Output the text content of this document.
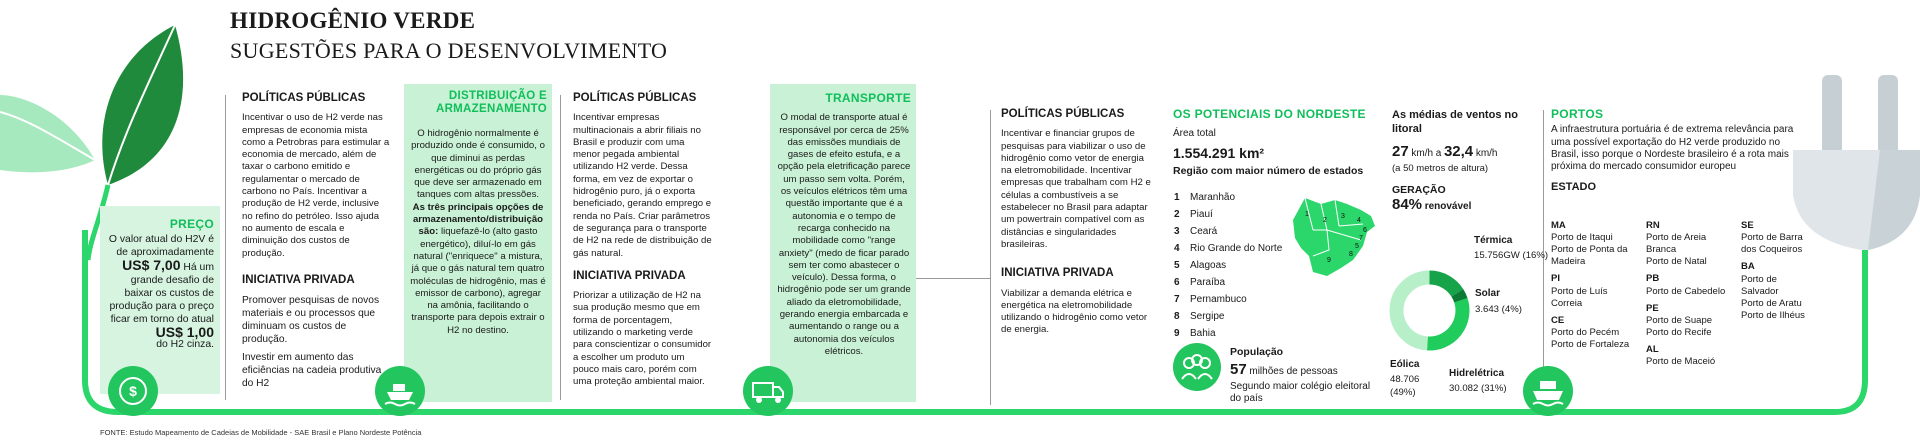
HIDROGÊNIO VERDE
SUGESTÕES PARA O DESENVOLVIMENTO
PREÇO
O valor atual do H2V é de aproximadamente
US$ 7,00 Há um grande desafio de baixar os custos de produção para o preço ficar em torno do atual
US$ 1,00
do H2 cinza.
$
POLÍTICAS PÚBLICAS
Incentivar o uso de H2 verde nas empresas de economia mista como a Petrobras para estimular a economia de mercado, além de taxar o carbono emitido e regulamentar o mercado de carbono no País. Incentivar a produção de H2 verde, inclusive no refino do petróleo. Isso ajuda no aumento de escala e diminuição dos custos de produção.
INICIATIVA PRIVADA
Promover pesquisas de novos materiais e ou processos que diminuam os custos de produção.
Investir em aumento das eficiências na cadeia produtiva do H2
DISTRIBUIÇÃO E ARMAZENAMENTO
O hidrogênio normalmente é produzido onde é consumido, o que diminui as perdas energéticas ou do próprio gás que deve ser armazenado em tanques com altas pressões.
As três principais opções de armazenamento/distribuição são: liquefazê-lo (alto gasto energético), diluí-lo em gás natural ("enriquece" a mistura, já que o gás natural tem quatro moléculas de hidrogênio, mas é emissor de carbono), agregar na amônia, facilitando o transporte para depois extrair o H2 no destino.
POLÍTICAS PÚBLICAS
Incentivar empresas multinacionais a abrir filiais no Brasil e produzir com uma menor pegada ambiental utilizando H2 verde. Dessa forma, em vez de exportar o hidrogênio puro, já o exporta beneficiado, gerando emprego e renda no País. Criar parâmetros de segurança para o transporte de H2 na rede de distribuição de gás natural.
INICIATIVA PRIVADA
Priorizar a utilização de H2 na sua produção mesmo que em forma de porcentagem, utilizando o marketing verde para conscientizar o consumidor a escolher um produto um pouco mais caro, porém com uma proteção ambiental maior.
TRANSPORTE
O modal de transporte atual é responsável por cerca de 25% das emissões mundiais de gases de efeito estufa, e a opção pela eletrificação parece um passo sem volta. Porém, os veículos elétricos têm uma questão importante que é a autonomia e o tempo de recarga conhecido na mobilidade como "range anxiety" (medo de ficar parado sem ter como abastecer o veículo). Dessa forma, o hidrogênio pode ser um grande aliado da eletromobilidade, gerando energia embarcada e aumentando o range ou a autonomia dos veículos elétricos.
POLÍTICAS PÚBLICAS
Incentivar e financiar grupos de pesquisas para viabilizar o uso de hidrogênio como vetor de energia na eletromobilidade. Incentivar empresas que trabalham com H2 e células a combustíveis a se estabelecer no Brasil para adaptar um powertrain compatível com as distâncias e singularidades brasileiras.
INICIATIVA PRIVADA
Viabilizar a demanda elétrica e energética na eletromobilidade utilizando o hidrogênio como vetor de energia.
OS POTENCIAIS DO NORDESTE
Área total
1.554.291 km²
Região com maior número de estados
1 Maranhão
2 Piauí
3 Ceará
4 Rio Grande do Norte
5 Alagoas
6 Paraíba
7 Pernambuco
8 Sergipe
9 Bahia
1
2
3
4
6
7
5
8
9
População
57 milhões de pessoas
Segundo maior colégio eleitoral do país
As médias de ventos no litoral
27 km/h a 32,4 km/h
(a 50 metros de altura)
GERAÇÃO
84% renovável
Térmica
15.756GW (16%)
Solar
3.643 (4%)
Hidrelétrica
30.082 (31%)
Eólica
48.706 (49%)
PORTOS
A infraestrutura portuária é de extrema relevância para uma possível exportação do H2 verde produzido no Brasil, isso porque o Nordeste brasileiro é a rota mais próxima do mercado consumidor europeu
ESTADO
MA
Porto de Itaqui
Porto de Ponta da Madeira
PI
Porto de Luís Correia
CE
Porto do Pecém
Porto de Fortaleza
RN
Porto de Areia Branca
Porto de Natal
PB
Porto de Cabedelo
PE
Porto de Suape
Porto do Recife
AL
Porto de Maceió
SE
Porto de Barra dos Coqueiros
BA
Porto de Salvador
Porto de Aratu
Porto de Ilhéus
FONTE: Estudo Mapeamento de Cadeias de Mobilidade - SAE Brasil e Plano Nordeste Potência
